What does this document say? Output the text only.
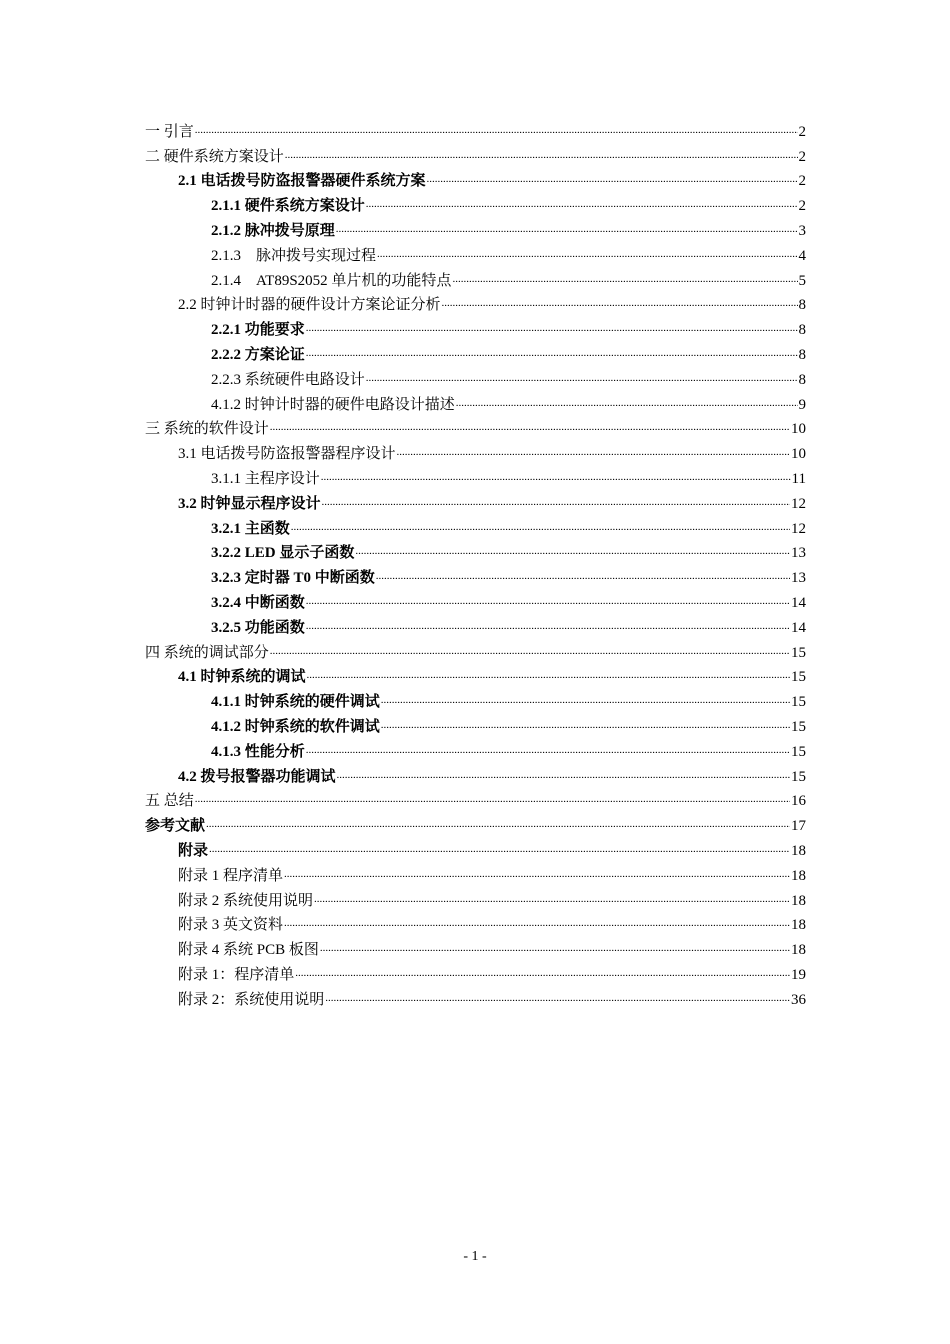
一 引言 .....	2
二 硬件系统方案设计 .....	2
2.1 电话拨号防盗报警器硬件系统方案 .....	2
2.1.1 硬件系统方案设计 .....	2
2.1.2 脉冲拨号原理 .....	3
2.1.3　脉冲拨号实现过程 .....	4
2.1.4　AT89S2052 单片机的功能特点 .....	5
2.2 时钟计时器的硬件设计方案论证分析 .....	8
2.2.1 功能要求 .....	8
2.2.2 方案论证 .....	8
2.2.3 系统硬件电路设计 .....	8
4.1.2 时钟计时器的硬件电路设计描述 .....	9
三 系统的软件设计 .....	10
3.1 电话拨号防盗报警器程序设计 .....	10
3.1.1 主程序设计 .....	11
3.2 时钟显示程序设计 .....	12
3.2.1 主函数 .....	12
3.2.2 LED 显示子函数 .....	13
3.2.3 定时器 T0 中断函数 .....	13
3.2.4 中断函数 .....	14
3.2.5 功能函数 .....	14
四 系统的调试部分 .....	15
4.1 时钟系统的调试 .....	15
4.1.1 时钟系统的硬件调试 .....	15
4.1.2 时钟系统的软件调试 .....	15
4.1.3 性能分析 .....	15
4.2 拨号报警器功能调试 .....	15
五 总结 .....	16
参考文献 .....	17
附录 .....	18
附录 1 程序清单 .....	18
附录 2 系统使用说明 .....	18
附录 3 英文资料 .....	18
附录 4 系统 PCB 板图 .....	18
附录 1：程序清单 .....	19
附录 2：系统使用说明 .....	36
- 1 -
